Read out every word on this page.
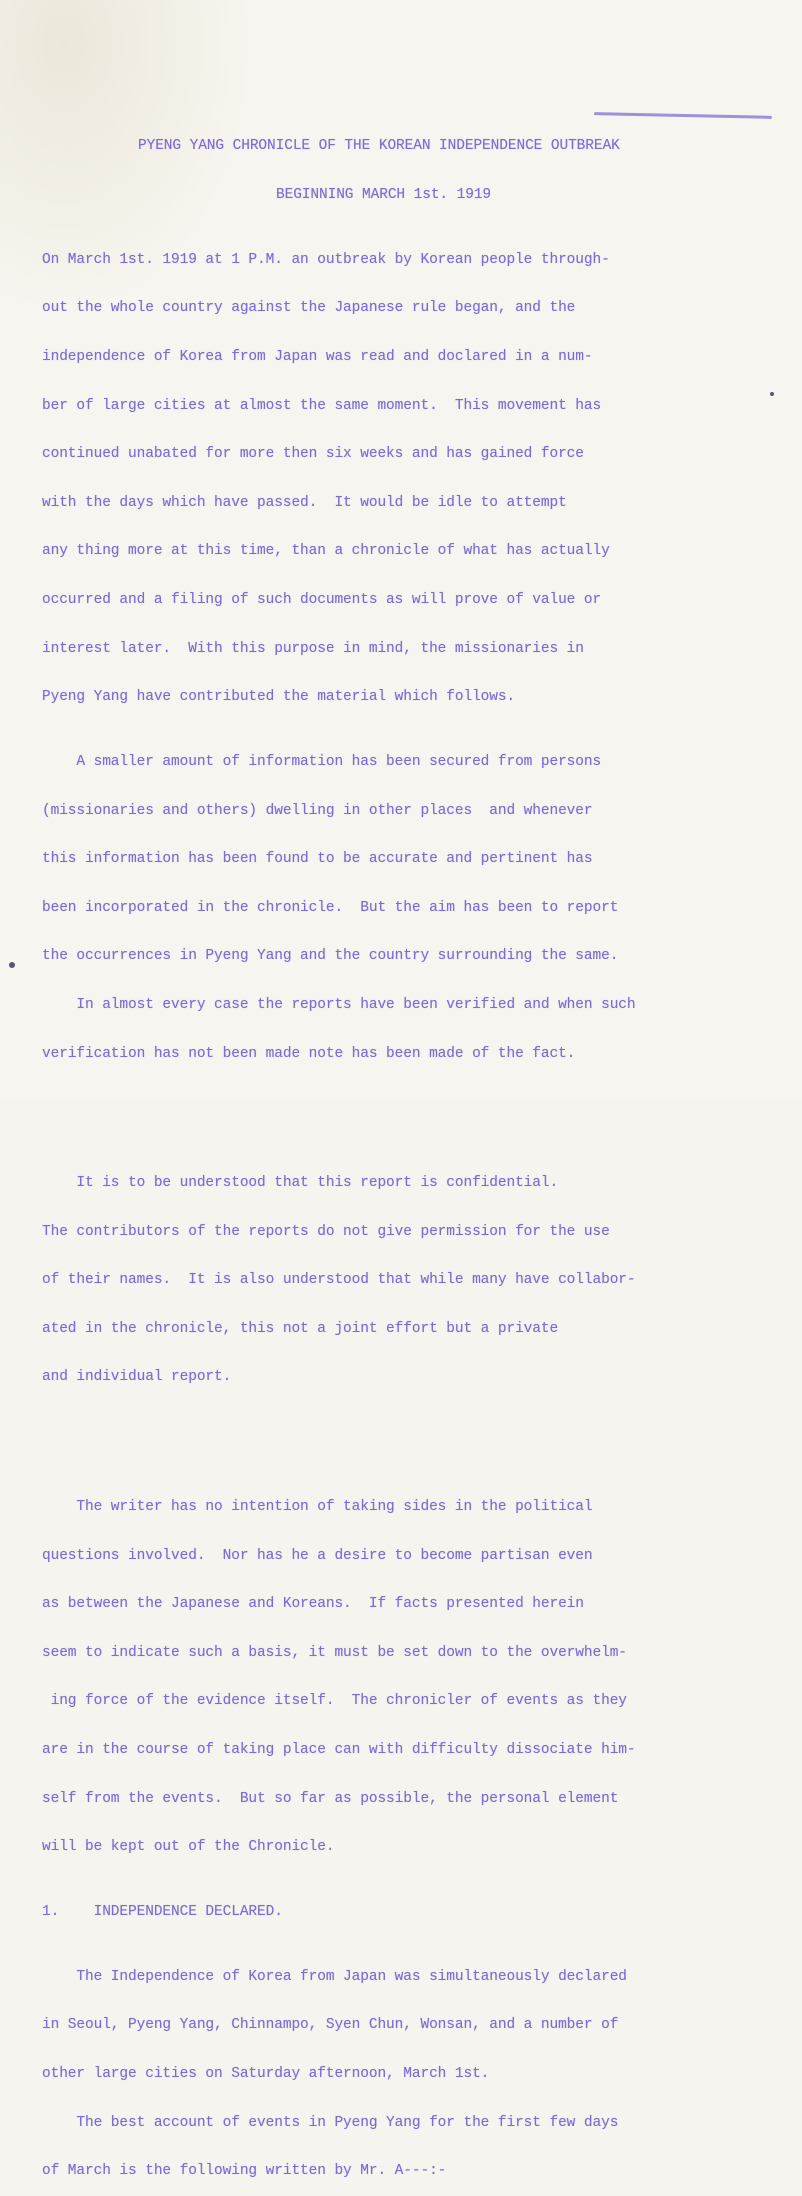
PYENG YANG CHRONICLE OF THE KOREAN INDEPENDENCE OUTBREAK

BEGINNING MARCH 1st. 1919

On March 1st. 1919 at 1 P.M. an outbreak by Korean people through-

out the whole country against the Japanese rule began, and the

independence of Korea from Japan was read and doclared in a num-

ber of large cities at almost the same moment.  This movement has

continued unabated for more then six weeks and has gained force

with the days which have passed.  It would be idle to attempt

any thing more at this time, than a chronicle of what has actually

occurred and a filing of such documents as will prove of value or

interest later.  With this purpose in mind, the missionaries in

Pyeng Yang have contributed the material which follows.

A smaller amount of information has been secured from persons

(missionaries and others) dwelling in other places  and whenever

this information has been found to be accurate and pertinent has

been incorporated in the chronicle.  But the aim has been to report

the occurrences in Pyeng Yang and the country surrounding the same.

In almost every case the reports have been verified and when such

verification has not been made note has been made of the fact.

It is to be understood that this report is confidential.

The contributors of the reports do not give permission for the use

of their names.  It is also understood that while many have collabor-

ated in the chronicle, this not a joint effort but a private

and individual report.

The writer has no intention of taking sides in the political

questions involved.  Nor has he a desire to become partisan even

as between the Japanese and Koreans.  If facts presented herein

seem to indicate such a basis, it must be set down to the overwhelm-

ing force of the evidence itself.  The chronicler of events as they

are in the course of taking place can with difficulty dissociate him-

self from the events.  But so far as possible, the personal element

will be kept out of the Chronicle.

1.    INDEPENDENCE DECLARED.

The Independence of Korea from Japan was simultaneously declared

in Seoul, Pyeng Yang, Chinnampo, Syen Chun, Wonsan, and a number of

other large cities on Saturday afternoon, March 1st.

The best account of events in Pyeng Yang for the first few days

of March is the following written by Mr. A---:-
